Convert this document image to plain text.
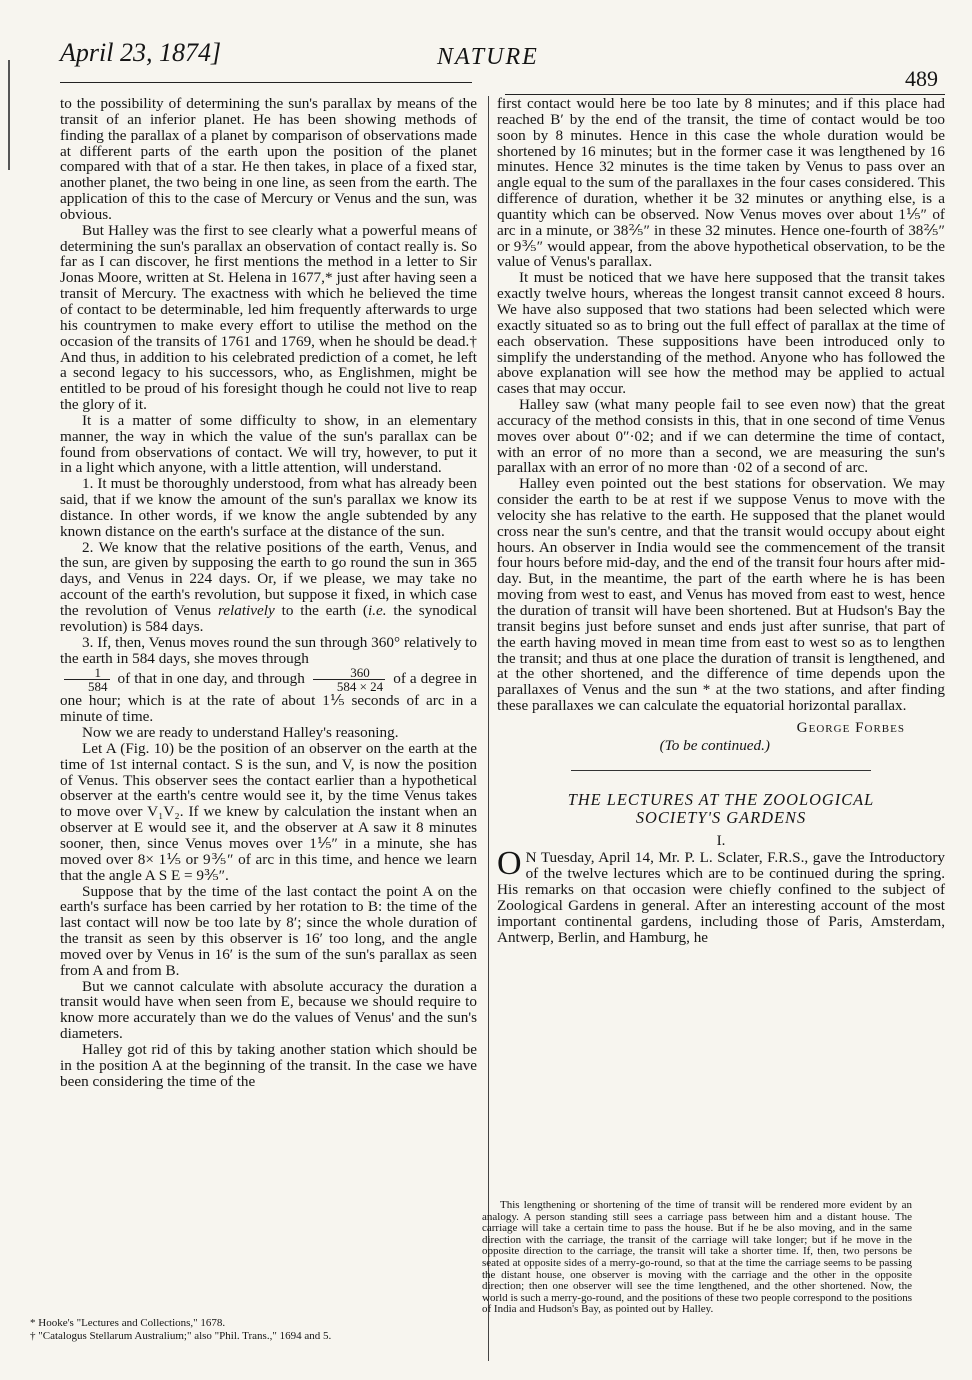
April 23, 1874]	NATURE
489

to the possibility of determining the sun's parallax by means of the transit of an inferior planet. He has been showing methods of finding the parallax of a planet by comparison of observations made at different parts of the earth upon the position of the planet compared with that of a star. He then takes, in place of a fixed star, another planet, the two being in one line, as seen from the earth. The application of this to the case of Mercury or Venus and the sun, was obvious.

But Halley was the first to see clearly what a powerful means of determining the sun's parallax an observation of contact really is. So far as I can discover, he first mentions the method in a letter to Sir Jonas Moore, written at St. Helena in 1677,* just after having seen a transit of Mercury. The exactness with which he believed the time of contact to be determinable, led him frequently afterwards to urge his countrymen to make every effort to utilise the method on the occasion of the transits of 1761 and 1769, when he should be dead.† And thus, in addition to his celebrated prediction of a comet, he left a second legacy to his successors, who, as Englishmen, might be entitled to be proud of his foresight though he could not live to reap the glory of it.

It is a matter of some difficulty to show, in an elementary manner, the way in which the value of the sun's parallax can be found from observations of contact. We will try, however, to put it in a light which anyone, with a little attention, will understand.

1. It must be thoroughly understood, from what has already been said, that if we know the amount of the sun's parallax we know its distance. In other words, if we know the angle subtended by any known distance on the earth's surface at the distance of the sun.

2. We know that the relative positions of the earth, Venus, and the sun, are given by supposing the earth to go round the sun in 365 days, and Venus in 224 days. Or, if we please, we may take no account of the earth's revolution, but suppose it fixed, in which case the revolution of Venus relatively to the earth (i.e. the synodical revolution) is 584 days.

3. If, then, Venus moves round the sun through 360° relatively to the earth in 584 days, she moves through

$\frac{1}{584}$ of that in one day, and through $\frac{360}{584 \times 24}$ of a degree in one hour; which is at the rate of about 1⅕ seconds of arc in a minute of time.

Now we are ready to understand Halley's reasoning.

Let A (Fig. 10) be the position of an observer on the earth at the time of 1st internal contact. S is the sun, and V, is now the position of Venus. This observer sees the contact earlier than a hypothetical observer at the earth's centre would see it, by the time Venus takes to move over V₁V₂. If we knew by calculation the instant when an observer at E would see it, and the observer at A saw it 8 minutes sooner, then, since Venus moves over 1⅕″ in a minute, she has moved over 8× 1⅕ or 9⅗″ of arc in this time, and hence we learn that the angle A S E = 9⅗″.

Suppose that by the time of the last contact the point A on the earth's surface has been carried by her rotation to B: the time of the last contact will now be too late by 8′; since the whole duration of the transit as seen by this observer is 16′ too long, and the angle moved over by Venus in 16′ is the sum of the sun's parallax as seen from A and from B.

But we cannot calculate with absolute accuracy the duration a transit would have when seen from E, because we should require to know more accurately than we do the values of Venus' and the sun's diameters.

Halley got rid of this by taking another station which should be in the position A at the beginning of the transit. In the case we have been considering the time of the

first contact would here be too late by 8 minutes; and if this place had reached B′ by the end of the transit, the time of contact would be too soon by 8 minutes. Hence in this case the whole duration would be shortened by 16 minutes; but in the former case it was lengthened by 16 minutes. Hence 32 minutes is the time taken by Venus to pass over an angle equal to the sum of the parallaxes in the four cases considered. This difference of duration, whether it be 32 minutes or anything else, is a quantity which can be observed. Now Venus moves over about 1⅕″ of arc in a minute, or 38⅖″ in these 32 minutes. Hence one-fourth of 38⅖″ or 9⅗″ would appear, from the above hypothetical observation, to be the value of Venus's parallax.

It must be noticed that we have here supposed that the transit takes exactly twelve hours, whereas the longest transit cannot exceed 8 hours. We have also supposed that two stations had been selected which were exactly situated so as to bring out the full effect of parallax at the time of each observation. These suppositions have been introduced only to simplify the understanding of the method. Anyone who has followed the above explanation will see how the method may be applied to actual cases that may occur.

Halley saw (what many people fail to see even now) that the great accuracy of the method consists in this, that in one second of time Venus moves over about 0″·02; and if we can determine the time of contact, with an error of no more than a second, we are measuring the sun's parallax with an error of no more than ·02 of a second of arc.

Halley even pointed out the best stations for observation. We may consider the earth to be at rest if we suppose Venus to move with the velocity she has relative to the earth. He supposed that the planet would cross near the sun's centre, and that the transit would occupy about eight hours. An observer in India would see the commencement of the transit four hours before mid-day, and the end of the transit four hours after mid-day. But, in the meantime, the part of the earth where he is has been moving from west to east, and Venus has moved from east to west, hence the duration of transit will have been shortened. But at Hudson's Bay the transit begins just before sunset and ends just after sunrise, that part of the earth having moved in mean time from east to west so as to lengthen the transit; and thus at one place the duration of transit is lengthened, and at the other shortened, and the difference of time depends upon the parallaxes of Venus and the sun * at the two stations, and after finding these parallaxes we can calculate the equatorial horizontal parallax.

George Forbes
(To be continued.)
THE LECTURES AT THE ZOOLOGICAL
SOCIETY'S GARDENS
I.

O N Tuesday, April 14, Mr. P. L. Sclater, F.R.S., gave the Introductory of the twelve lectures which are to be continued during the spring. His remarks on that occasion were chiefly confined to the subject of Zoological Gardens in general. After an interesting account of the most important continental gardens, including those of Paris, Amsterdam, Antwerp, Berlin, and Hamburg, he

* Hooke's "Lectures and Collections," 1678.

† "Catalogus Stellarum Australium;" also "Phil. Trans.," 1694 and 5.

This lengthening or shortening of the time of transit will be rendered more evident by an analogy. A person standing still sees a carriage pass between him and a distant house. The carriage will take a certain time to pass the house. But if he be also moving, and in the same direction with the carriage, the transit of the carriage will take longer; but if he move in the opposite direction to the carriage, the transit will take a shorter time. If, then, two persons be seated at opposite sides of a merry-go-round, so that at the time the carriage seems to be passing the distant house, one observer is moving with the carriage and the other in the opposite direction; then one observer will see the time lengthened, and the other shortened. Now, the world is such a merry-go-round, and the positions of these two people correspond to the positions of India and Hudson's Bay, as pointed out by Halley.
